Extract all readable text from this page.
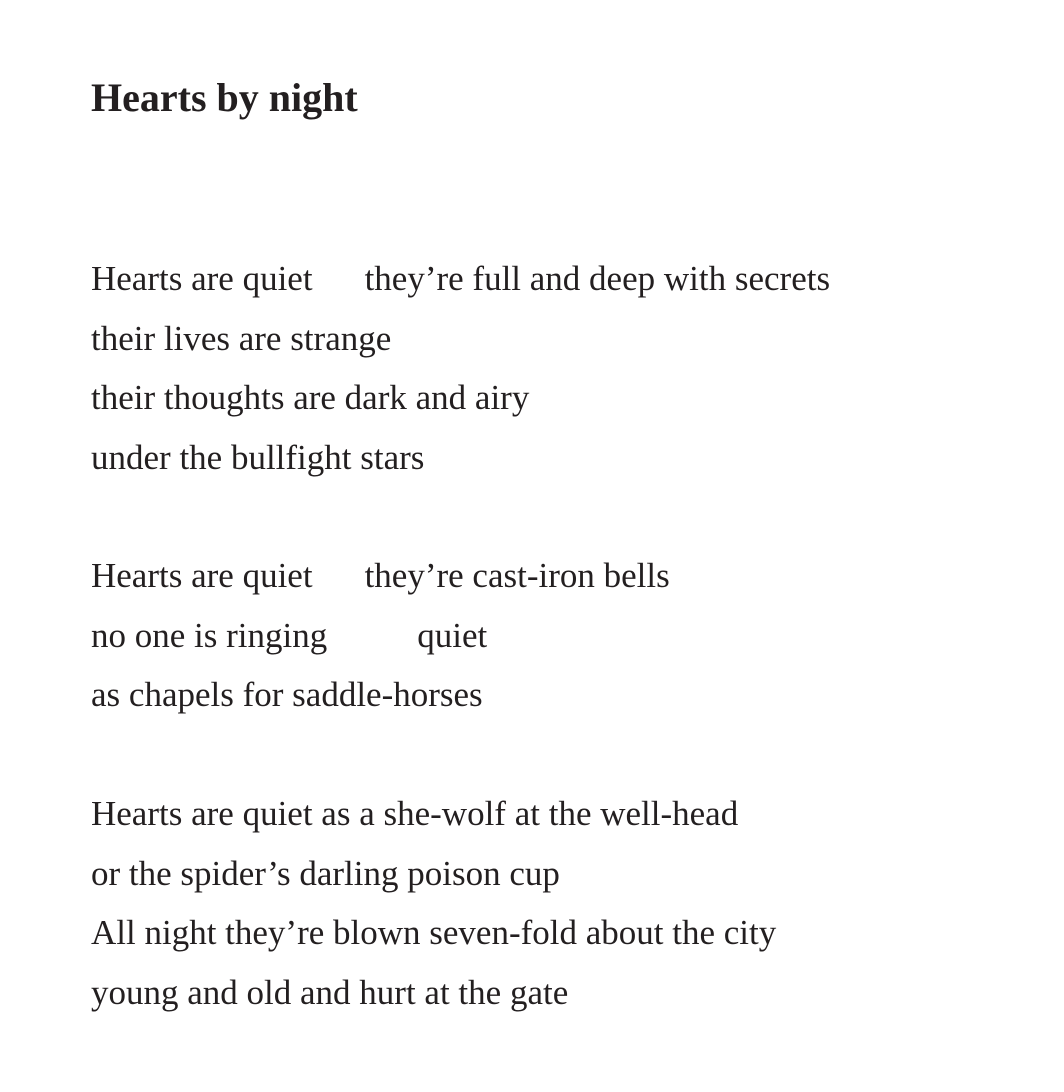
Hearts by night
Hearts are quiet they’re full and deep with secrets
their lives are strange
their thoughts are dark and airy
under the bullfight stars
Hearts are quiet they’re cast-iron bells
no one is ringing	quiet
as chapels for saddle-horses
Hearts are quiet as a she-wolf at the well-head
or the spider’s darling poison cup
All night they’re blown seven-fold about the city
young and old and hurt at the gate
